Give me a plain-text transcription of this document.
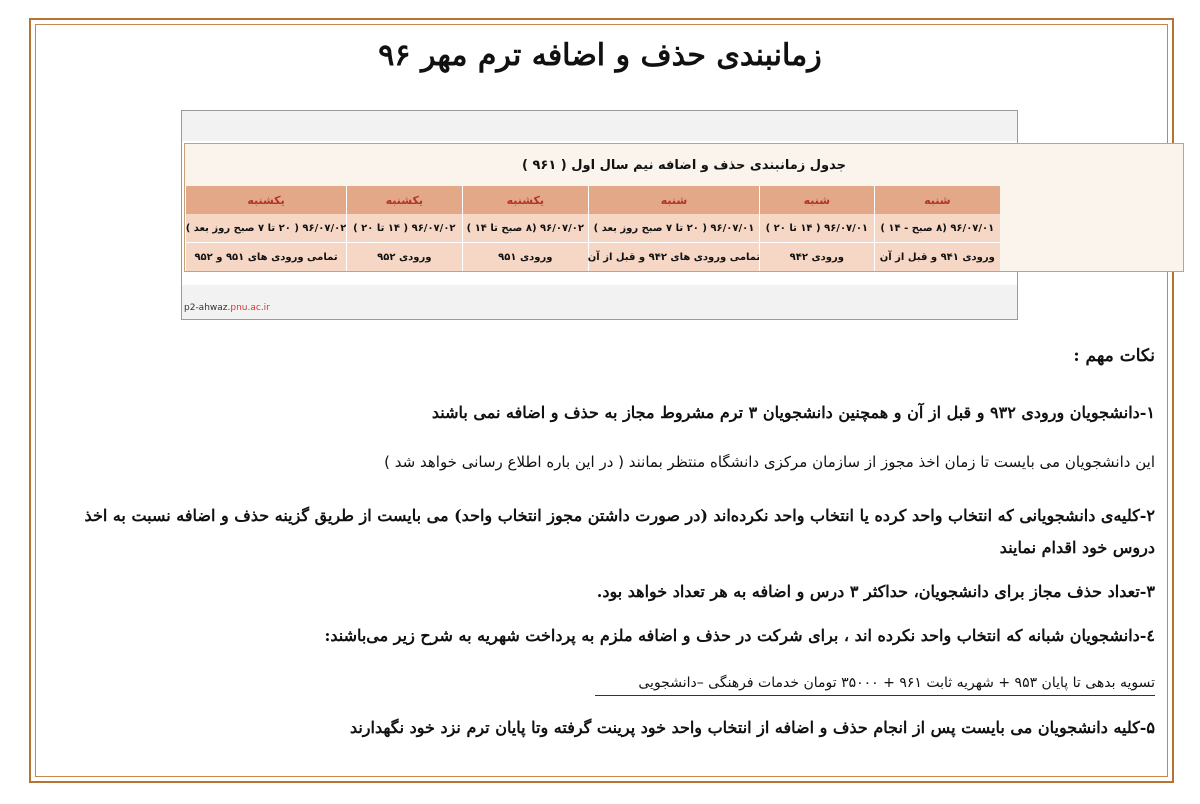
زمانبندی حذف و اضافه ترم مهر ۹۶
جدول زمانبندی حذف و اضافه نیم سال اول ( ۹۶۱ )
شنبه
۹۶/۰۷/۰۱ (۸ صبح - ۱۴ )
ورودی ۹۴۱ و قبل از آن
شنبه
۹۶/۰۷/۰۱ ( ۱۴ تا ۲۰ )
ورودی ۹۴۲
شنبه
۹۶/۰۷/۰۱ ( ۲۰ تا ۷ صبح روز بعد )
تمامی ورودی های ۹۴۲ و قبل از آن
یکشنبه
۹۶/۰۷/۰۲ (۸ صبح تا ۱۴ )
ورودی ۹۵۱
یکشنبه
۹۶/۰۷/۰۲ ( ۱۴ تا ۲۰ )
ورودی ۹۵۲
یکشنبه
۹۶/۰۷/۰۲ ( ۲۰ تا ۷ صبح روز بعد )
تمامی ورودی های ۹۵۱ و ۹۵۲
p2-ahwaz.pnu.ac.ir
نکات مهم :
۱-دانشجویان ورودی ۹۳۲ و قبل از آن و همچنین دانشجویان ۳ ترم مشروط مجاز به حذف و اضافه نمی باشند
این دانشجویان می بایست تا زمان اخذ مجوز از سازمان مرکزی دانشگاه منتظر بمانند ( در این باره اطلاع رسانی خواهد شد )
۲-کلیه‌ی دانشجویانی که انتخاب واحد کرده یا انتخاب واحد نکرده‌اند (در صورت داشتن مجوز انتخاب واحد) می بایست از طریق گزینه حذف و اضافه نسبت به اخذ دروس خود اقدام نمایند
۳-تعداد حذف مجاز برای دانشجویان، حداکثر ۳ درس و اضافه به هر تعداد خواهد بود.
٤-دانشجویان شبانه که انتخاب واحد نکرده اند ، برای شرکت در حذف و اضافه ملزم به پرداخت شهریه به شرح زیر می‌باشند:
تسویه بدهی تا پایان ۹۵۳ + شهریه ثابت ۹۶۱ + ۳۵۰۰۰ تومان خدمات فرهنگی –دانشجویی
۵-کلیه دانشجویان می بایست پس از انجام حذف و اضافه از انتخاب واحد خود پرینت گرفته وتا پایان ترم نزد خود نگهدارند
